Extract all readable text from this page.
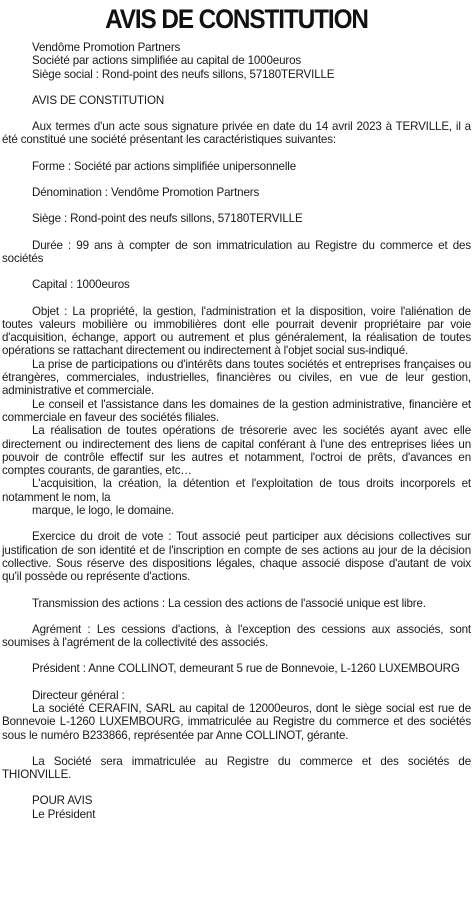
AVIS DE CONSTITUTION

Vendôme Promotion Partners

Société par actions simplifiée au capital de 1000euros

Siège social : Rond-point des neufs sillons, 57180TERVILLE

AVIS DE CONSTITUTION

Aux termes d'un acte sous signature privée en date du 14 avril 2023 à TERVILLE, il a été constitué une société présentant les caractéristiques suivantes:

Forme : Société par actions simplifiée unipersonnelle

Dénomination : Vendôme Promotion Partners

Siège : Rond-point des neufs sillons, 57180TERVILLE

Durée : 99 ans à compter de son immatriculation au Registre du commerce et des sociétés

Capital : 1000euros

Objet : La propriété, la gestion, l'administration et la disposition, voire l'aliénation de toutes valeurs mobilière ou immobilières dont elle pourrait devenir propriétaire par voie d'acquisition, échange, apport ou autrement et plus généralement, la réalisation de toutes opérations se rattachant directement ou indirectement à l'objet social sus-indiqué.

La prise de participations ou d'intérêts dans toutes sociétés et entreprises françaises ou étrangères, commerciales, industrielles, financières ou civiles, en vue de leur gestion, administrative et commerciale.

Le conseil et l'assistance dans les domaines de la gestion administrative, financière et commerciale en faveur des sociétés filiales.

La réalisation de toutes opérations de trésorerie avec les sociétés ayant avec elle directement ou indirectement des liens de capital conférant à l'une des entreprises liées un pouvoir de contrôle effectif sur les autres et notamment, l'octroi de prêts, d'avances en comptes courants, de garanties, etc…

L'acquisition, la création, la détention et l'exploitation de tous droits incorporels et notamment le nom, la

marque, le logo, le domaine.

Exercice du droit de vote : Tout associé peut participer aux décisions collectives sur justification de son identité et de l'inscription en compte de ses actions au jour de la décision collective. Sous réserve des dispositions légales, chaque associé dispose d'autant de voix qu'il possède ou représente d'actions.

Transmission des actions : La cession des actions de l'associé unique est libre.

Agrément : Les cessions d'actions, à l'exception des cessions aux associés, sont soumises à l'agrément de la collectivité des associés.

Président : Anne COLLINOT, demeurant 5 rue de Bonnevoie, L-1260 LUXEMBOURG

Directeur général :

La société CERAFIN, SARL au capital de 12000euros, dont le siège social est rue de Bonnevoie L-1260 LUXEMBOURG, immatriculée au Registre du commerce et des sociétés sous le numéro B233866, représentée par Anne COLLINOT, gérante.

La Société sera immatriculée au Registre du commerce et des sociétés de THIONVILLE.

POUR AVIS

Le Président
